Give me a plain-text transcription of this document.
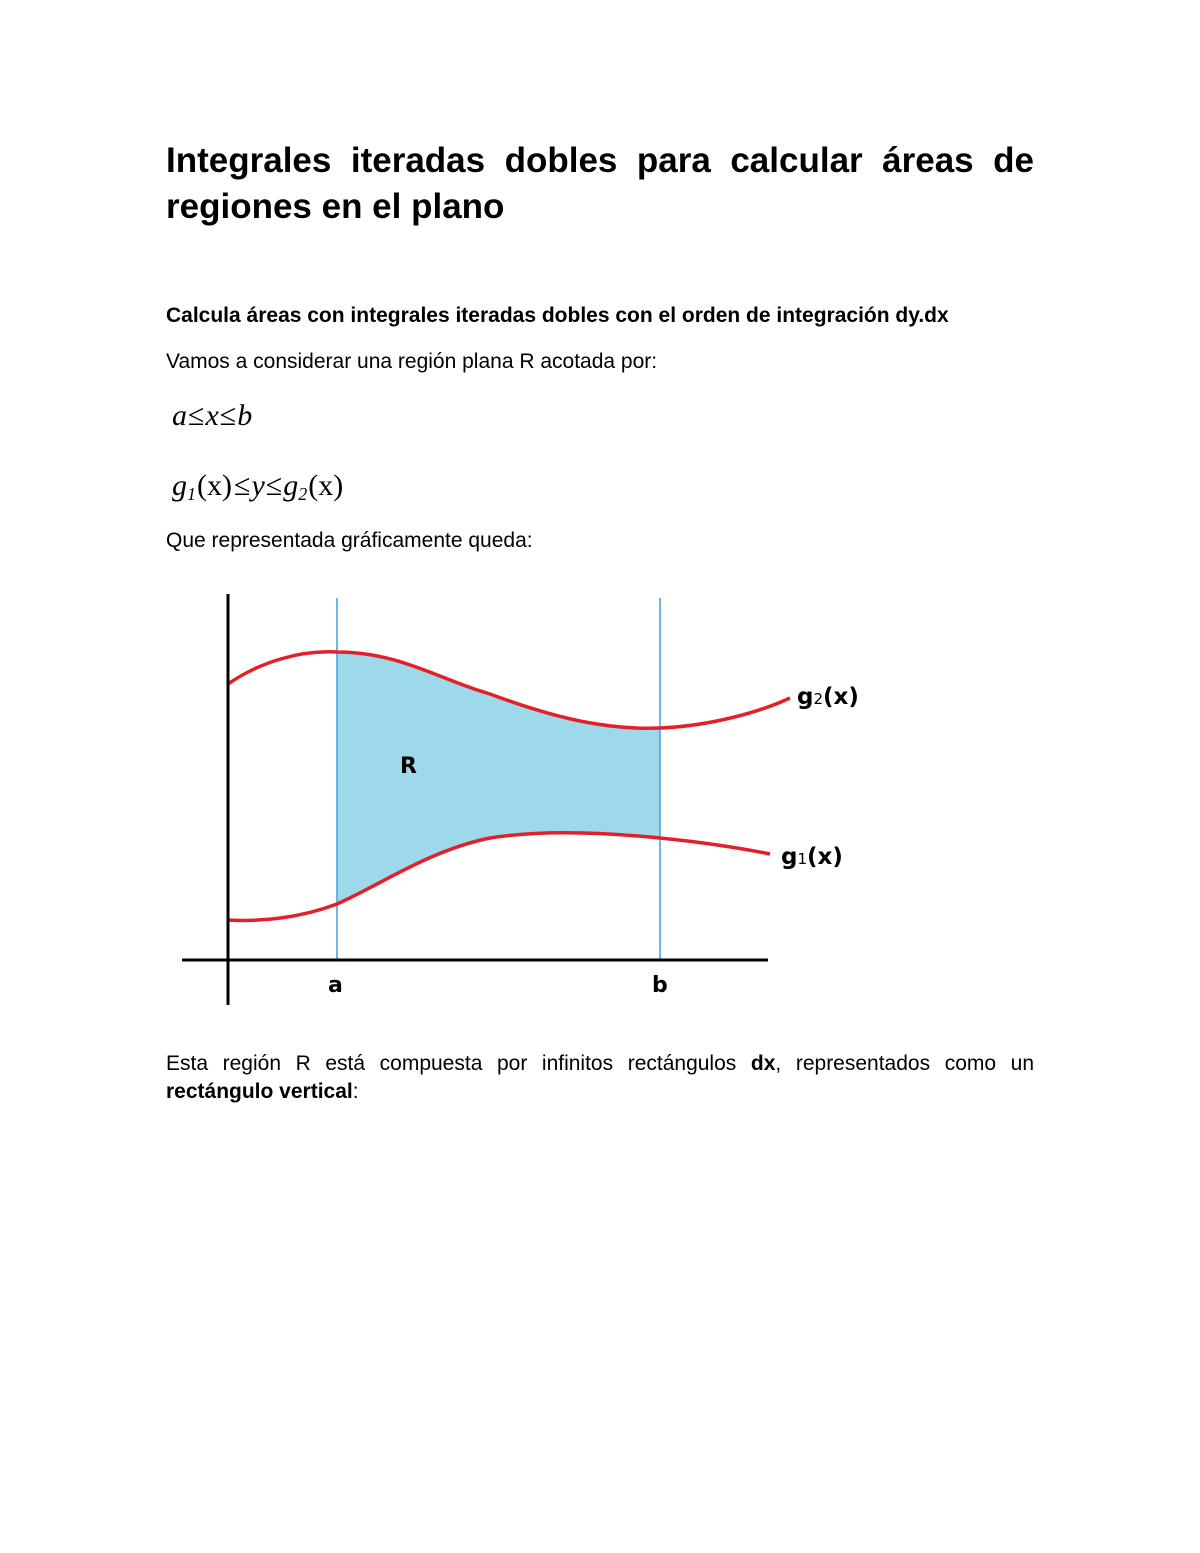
Integrales iteradas dobles para calcular áreas de regiones en el plano

Calcula áreas con integrales iteradas dobles con el orden de integración dy.dx

Vamos a considerar una región plana R acotada por:

a≤x≤b
$g_1(x)\le y\le g_2(x)$

Que representada gráficamente queda:

R
a	b
g2(x)
g1(x)

Esta región R está compuesta por infinitos rectángulos dx, representados como un rectángulo vertical:
